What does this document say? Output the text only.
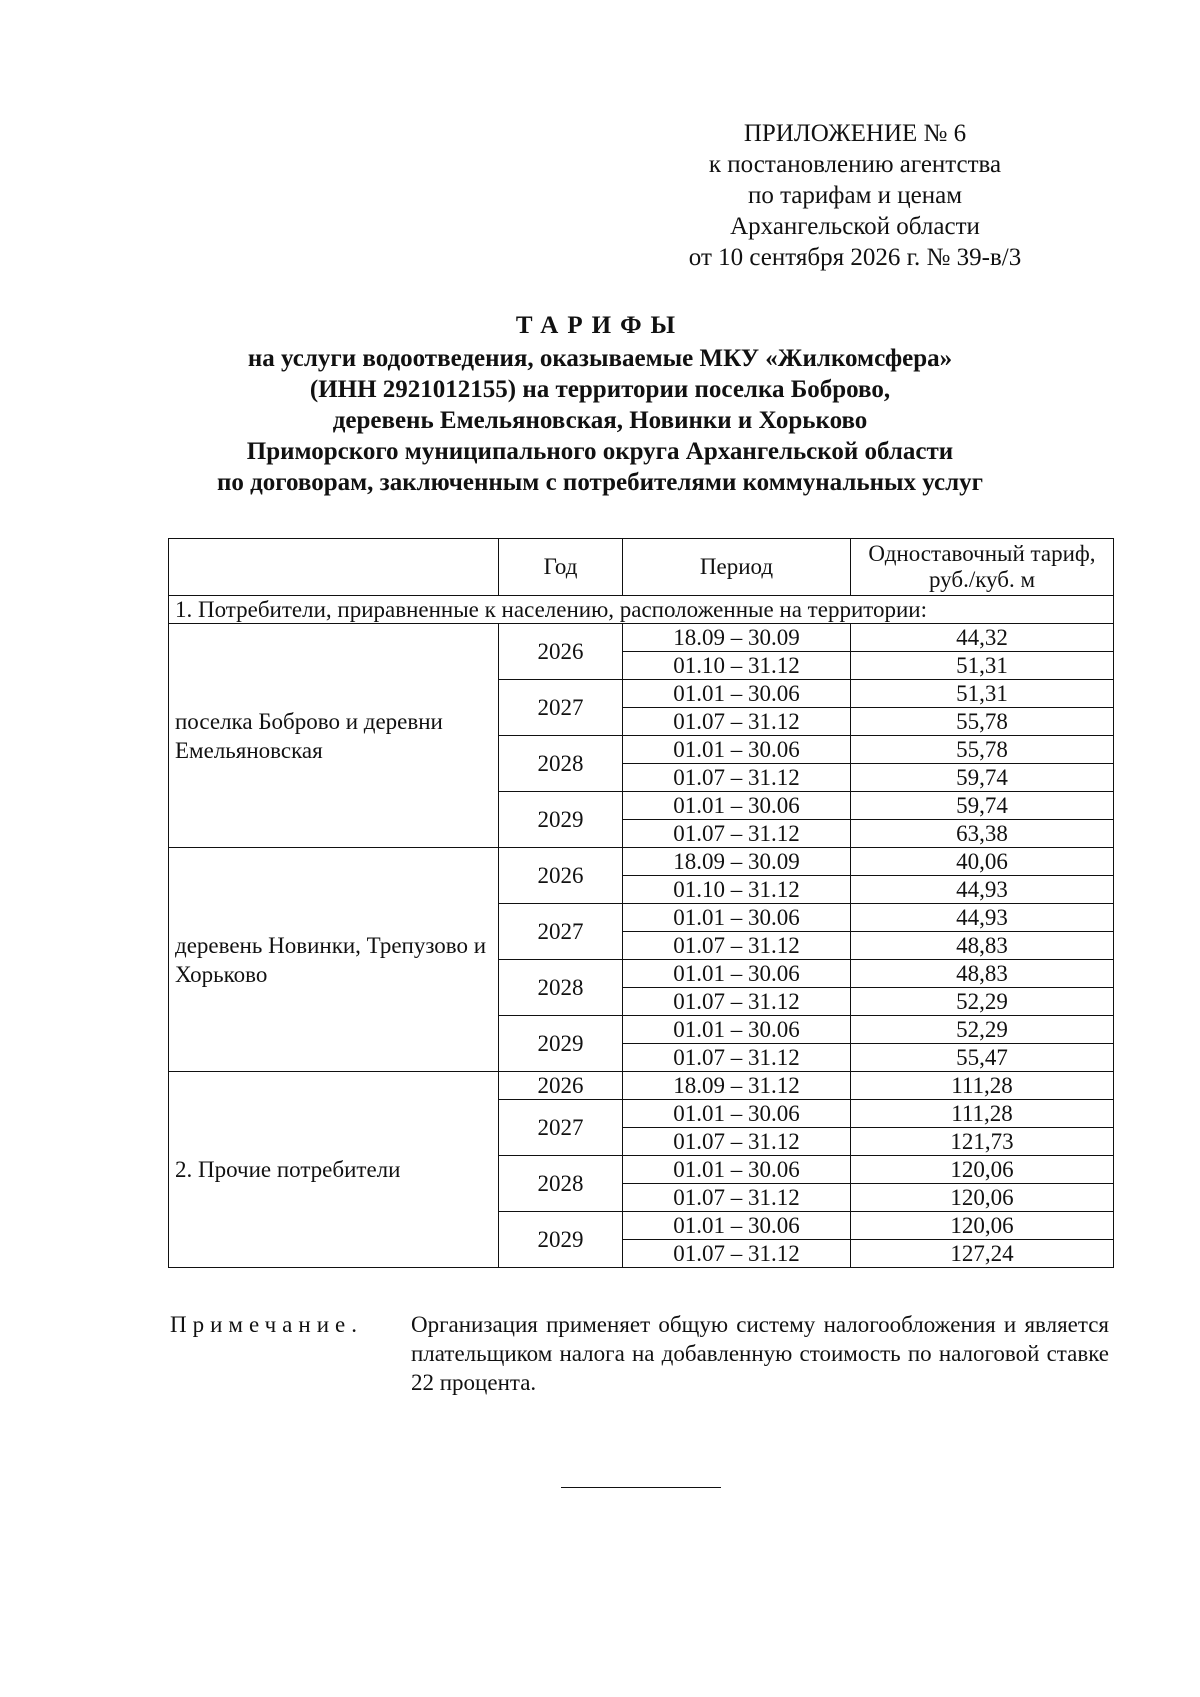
ПРИЛОЖЕНИЕ № 6
к постановлению агентства
по тарифам и ценам
Архангельской области
от 10 сентября 2026 г. № 39-в/3
ТАРИФЫ
на услуги водоотведения, оказываемые МКУ «Жилкомсфера»
(ИНН 2921012155) на территории поселка Боброво,
деревень Емельяновская, Новинки и Хорьково
Приморского муниципального округа Архангельской области
по договорам, заключенным с потребителями коммунальных услуг
	Год	Период	Одноставочный тариф, руб./куб. м
1. Потребители, приравненные к населению, расположенные на территории:			
поселка Боброво и деревни Емельяновская	2026	18.09 – 30.09	44,32
		01.10 – 31.12	51,31
	2027	01.01 – 30.06	51,31
		01.07 – 31.12	55,78
	2028	01.01 – 30.06	55,78
		01.07 – 31.12	59,74
	2029	01.01 – 30.06	59,74
		01.07 – 31.12	63,38
деревень Новинки, Трепузово и Хорьково	2026	18.09 – 30.09	40,06
		01.10 – 31.12	44,93
	2027	01.01 – 30.06	44,93
		01.07 – 31.12	48,83
	2028	01.01 – 30.06	48,83
		01.07 – 31.12	52,29
	2029	01.01 – 30.06	52,29
		01.07 – 31.12	55,47
2. Прочие потребители	2026	18.09 – 31.12	111,28
	2027	01.01 – 30.06	111,28
		01.07 – 31.12	121,73
	2028	01.01 – 30.06	120,06
		01.07 – 31.12	120,06
	2029	01.01 – 30.06	120,06
		01.07 – 31.12	127,24
Примечание. Организация применяет общую систему налогообложения и является плательщиком налога на добавленную стоимость по налоговой ставке 22 процента.
